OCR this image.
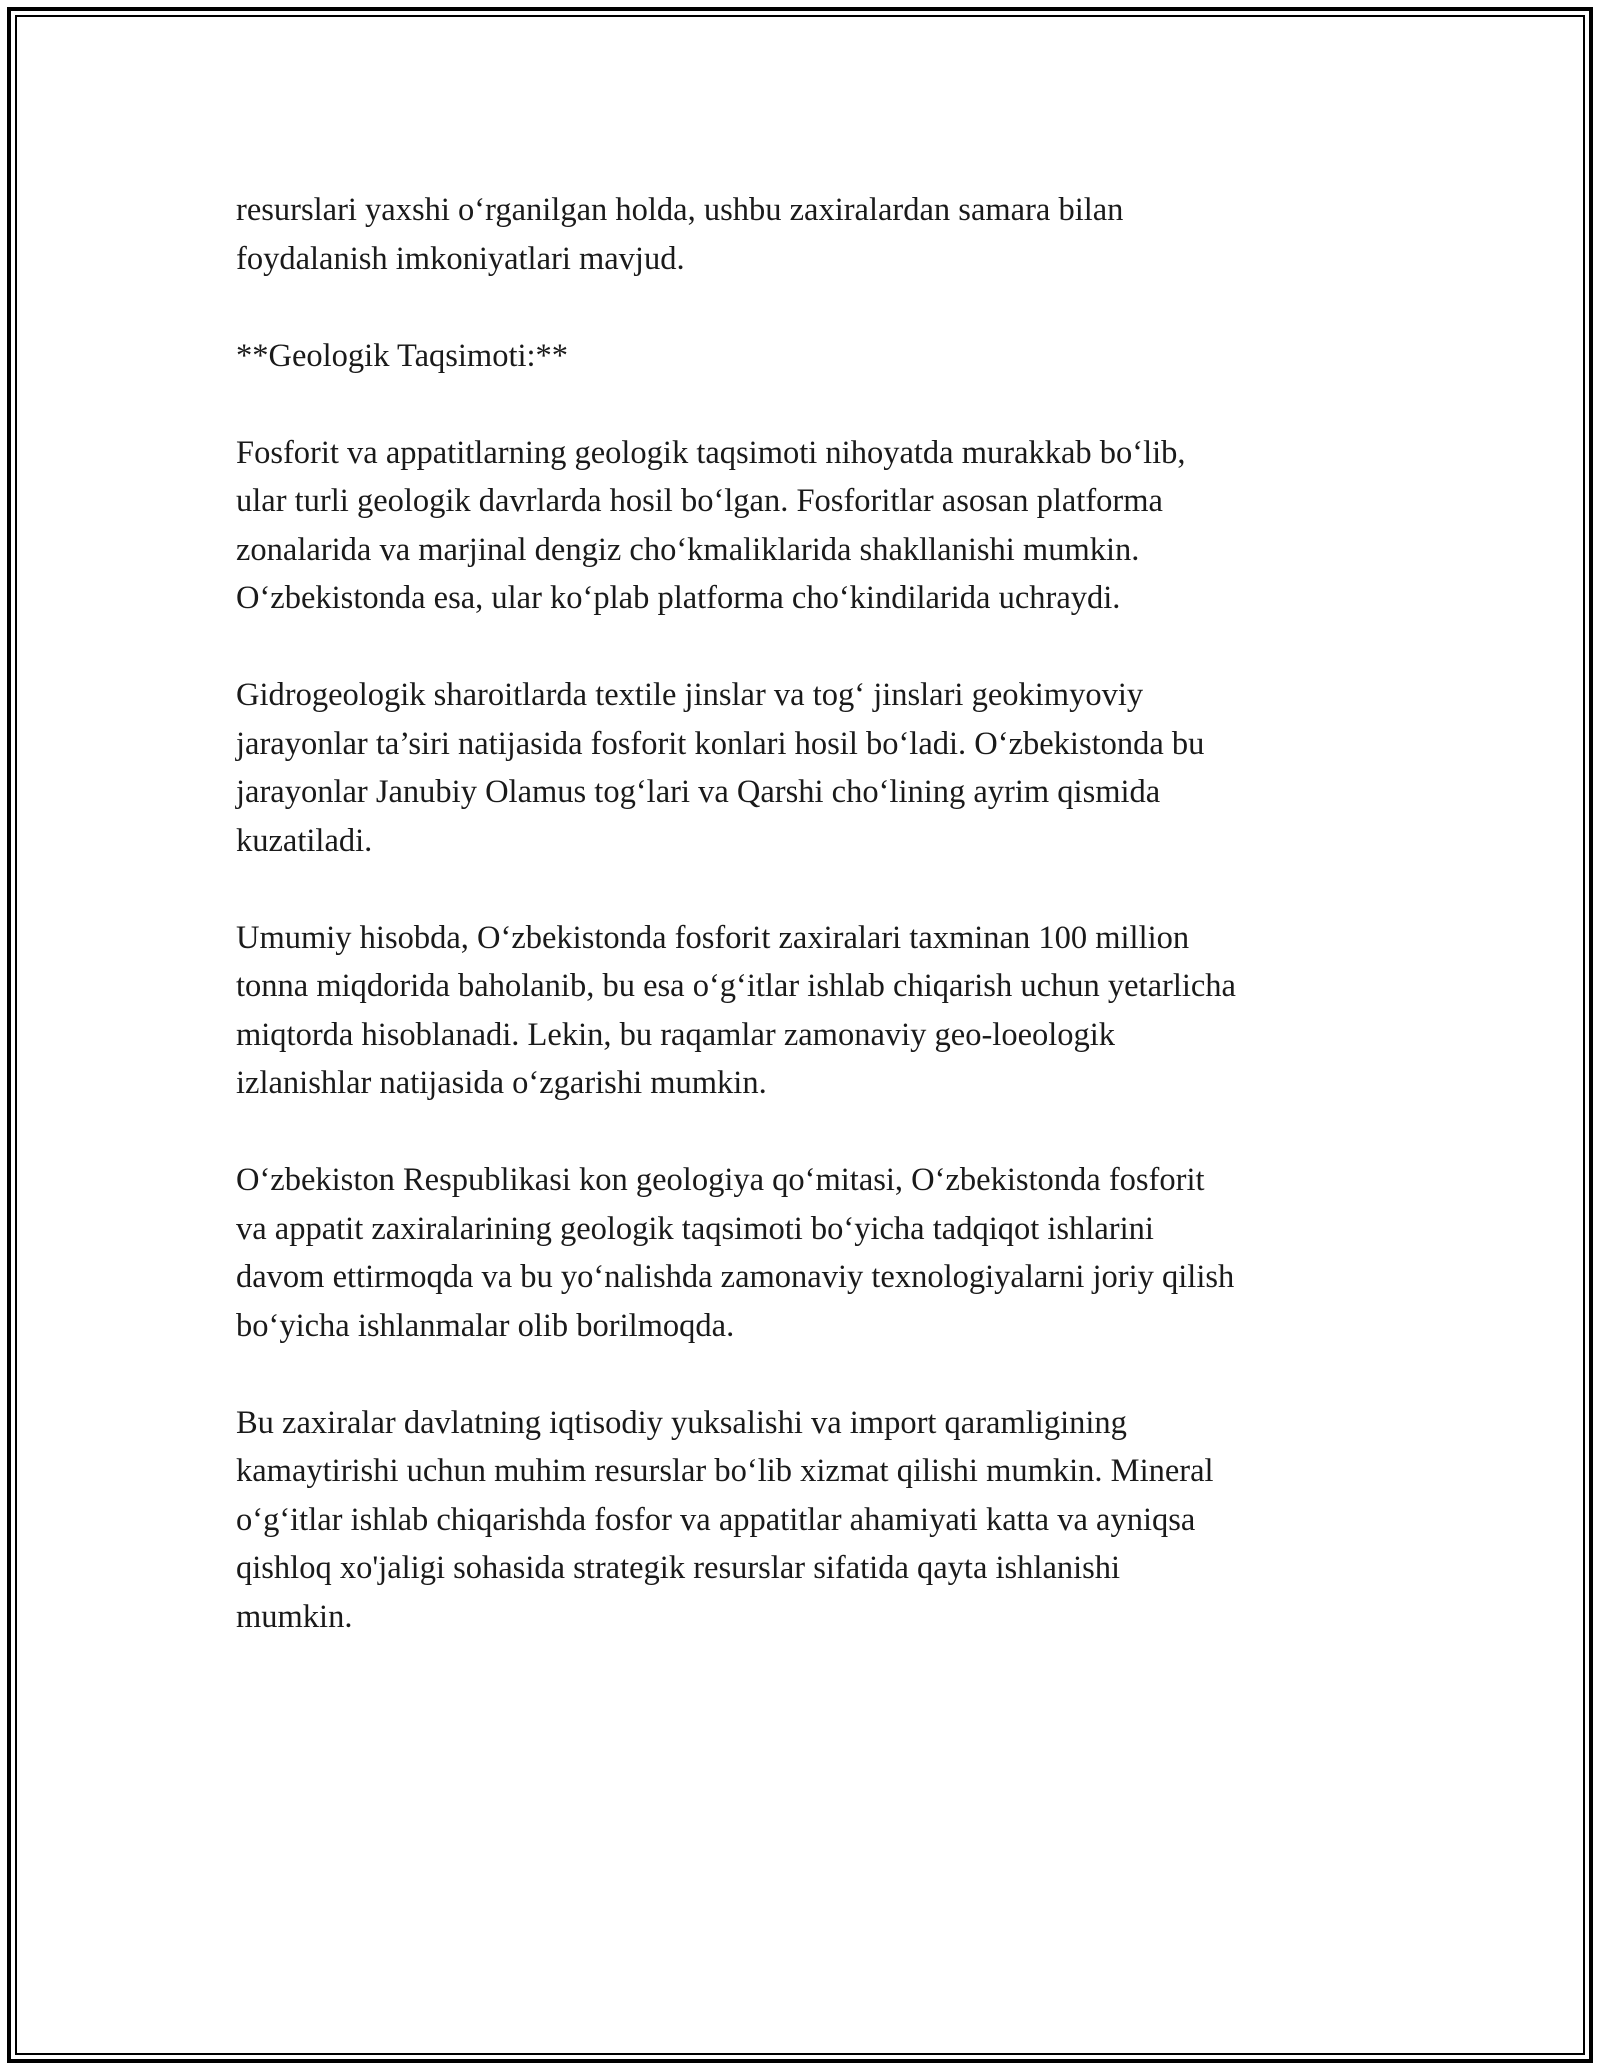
resurslari yaxshi o‘rganilgan holda, ushbu zaxiralardan samara bilan
foydalanish imkoniyatlari mavjud.

**Geologik Taqsimoti:**

Fosforit va appatitlarning geologik taqsimoti nihoyatda murakkab bo‘lib,
ular turli geologik davrlarda hosil bo‘lgan. Fosforitlar asosan platforma
zonalarida va marjinal dengiz cho‘kmaliklarida shakllanishi mumkin.
O‘zbekistonda esa, ular ko‘plab platforma cho‘kindilarida uchraydi.

Gidrogeologik sharoitlarda textile jinslar va tog‘ jinslari geokimyoviy
jarayonlar ta’siri natijasida fosforit konlari hosil bo‘ladi. O‘zbekistonda bu
jarayonlar Janubiy Olamus tog‘lari va Qarshi cho‘lining ayrim qismida
kuzatiladi.

Umumiy hisobda, O‘zbekistonda fosforit zaxiralari taxminan 100 million
tonna miqdorida baholanib, bu esa o‘g‘itlar ishlab chiqarish uchun yetarlicha
miqtorda hisoblanadi. Lekin, bu raqamlar zamonaviy geo-loeologik
izlanishlar natijasida o‘zgarishi mumkin.

O‘zbekiston Respublikasi kon geologiya qo‘mitasi, O‘zbekistonda fosforit
va appatit zaxiralarining geologik taqsimoti bo‘yicha tadqiqot ishlarini
davom ettirmoqda va bu yo‘nalishda zamonaviy texnologiyalarni joriy qilish
bo‘yicha ishlanmalar olib borilmoqda.

Bu zaxiralar davlatning iqtisodiy yuksalishi va import qaramligining
kamaytirishi uchun muhim resurslar bo‘lib xizmat qilishi mumkin. Mineral
o‘g‘itlar ishlab chiqarishda fosfor va appatitlar ahamiyati katta va ayniqsa
qishloq xo'jaligi sohasida strategik resurslar sifatida qayta ishlanishi
mumkin.
